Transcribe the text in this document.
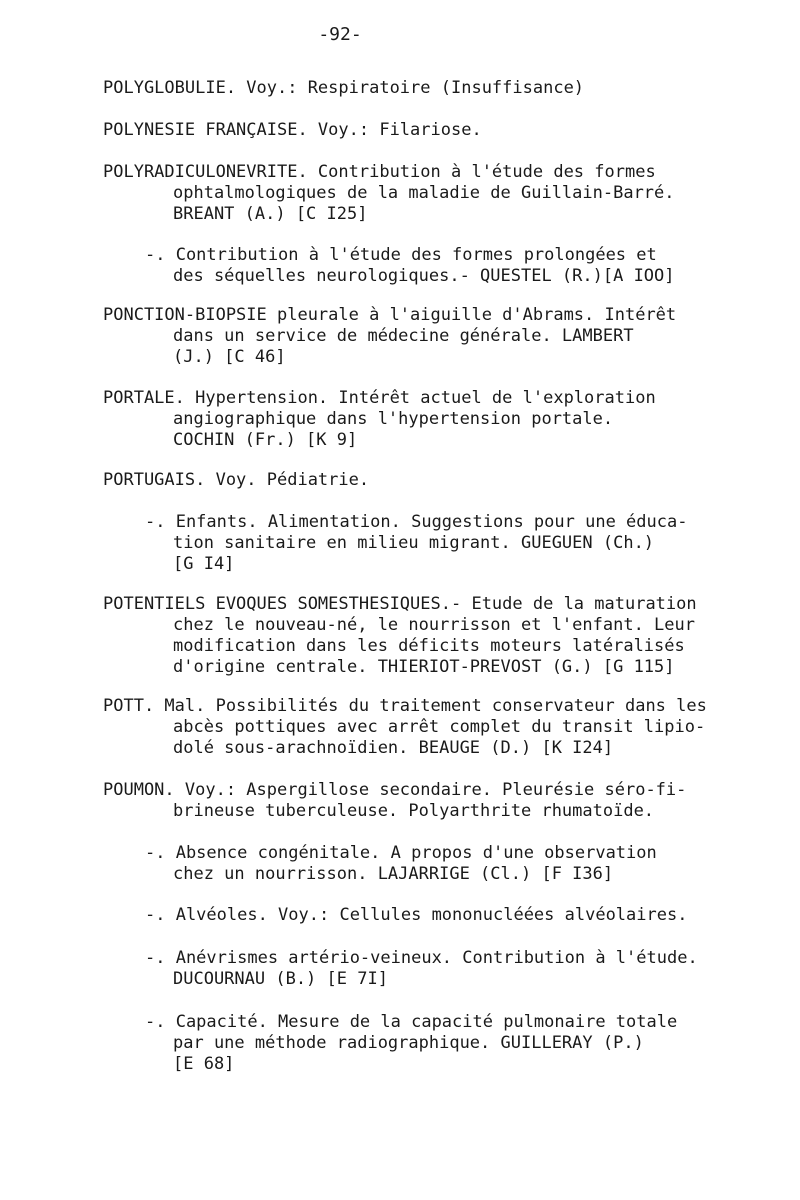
-92-
POLYGLOBULIE. Voy.: Respiratoire (Insuffisance)
POLYNESIE FRANÇAISE. Voy.: Filariose.
POLYRADICULONEVRITE. Contribution à l'étude des formes
ophtalmologiques de la maladie de Guillain-Barré.
BREANT (A.) [C I25]
-. Contribution à l'étude des formes prolongées et
des séquelles neurologiques.- QUESTEL (R.)[A IOO]
PONCTION-BIOPSIE pleurale à l'aiguille d'Abrams. Intérêt
dans un service de médecine générale. LAMBERT
(J.) [C 46]
PORTALE. Hypertension. Intérêt actuel de l'exploration
angiographique dans l'hypertension portale.
COCHIN (Fr.) [K 9]
PORTUGAIS. Voy. Pédiatrie.
-. Enfants. Alimentation. Suggestions pour une éduca-
tion sanitaire en milieu migrant. GUEGUEN (Ch.)
[G I4]
POTENTIELS EVOQUES SOMESTHESIQUES.- Etude de la maturation
chez le nouveau-né, le nourrisson et l'enfant. Leur
modification dans les déficits moteurs latéralisés
d'origine centrale. THIERIOT-PREVOST (G.) [G 115]
POTT. Mal. Possibilités du traitement conservateur dans les
abcès pottiques avec arrêt complet du transit lipio-
dolé sous-arachnoïdien. BEAUGE (D.) [K I24]
POUMON. Voy.: Aspergillose secondaire. Pleurésie séro-fi-
brineuse tuberculeuse. Polyarthrite rhumatoïde.
-. Absence congénitale. A propos d'une observation
chez un nourrisson. LAJARRIGE (Cl.) [F I36]
-. Alvéoles. Voy.: Cellules mononucléées alvéolaires.
-. Anévrismes artério-veineux. Contribution à l'étude.
DUCOURNAU (B.) [E 7I]
-. Capacité. Mesure de la capacité pulmonaire totale
par une méthode radiographique. GUILLERAY (P.)
[E 68]
